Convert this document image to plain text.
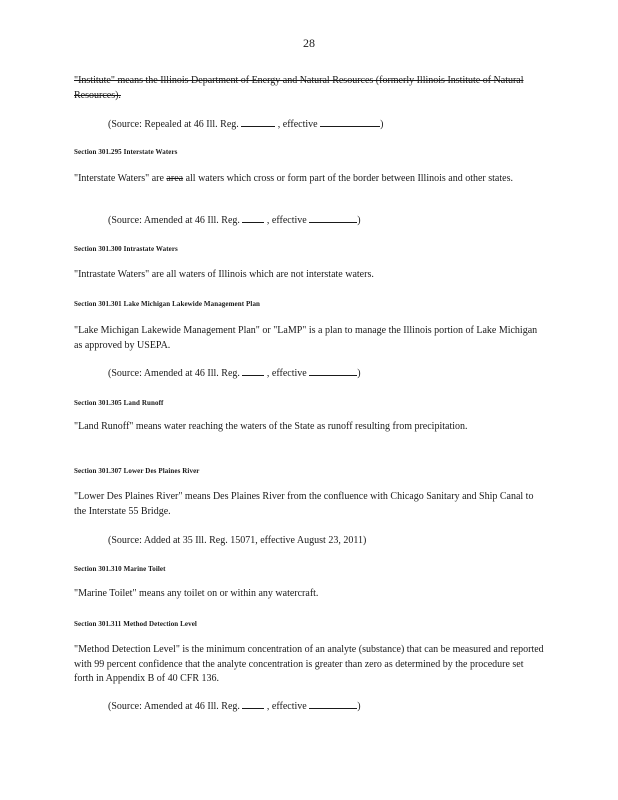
28
"Institute" means the Illinois Department of Energy and Natural Resources (formerly Illinois Institute of Natural Resources).
(Source: Repealed at 46 Ill. Reg.	, effective	)
Section 301.295 Interstate Waters
"Interstate Waters" are area all waters which cross or form part of the border between Illinois and other states.
(Source: Amended at 46 Ill. Reg.	, effective	)
Section 301.300 Intrastate Waters
"Intrastate Waters" are all waters of Illinois which are not interstate waters.
Section 301.301 Lake Michigan Lakewide Management Plan
"Lake Michigan Lakewide Management Plan" or "LaMP" is a plan to manage the Illinois portion of Lake Michigan as approved by USEPA.
(Source: Amended at 46 Ill. Reg.	, effective	)
Section 301.305 Land Runoff
"Land Runoff" means water reaching the waters of the State as runoff resulting from precipitation.
Section 301.307 Lower Des Plaines River
"Lower Des Plaines River" means Des Plaines River from the confluence with Chicago Sanitary and Ship Canal to the Interstate 55 Bridge.
(Source: Added at 35 Ill. Reg. 15071, effective August 23, 2011)
Section 301.310 Marine Toilet
"Marine Toilet" means any toilet on or within any watercraft.
Section 301.311 Method Detection Level
"Method Detection Level" is the minimum concentration of an analyte (substance) that can be measured and reported with 99 percent confidence that the analyte concentration is greater than zero as determined by the procedure set forth in Appendix B of 40 CFR 136.
(Source: Amended at 46 Ill. Reg.	, effective	)
